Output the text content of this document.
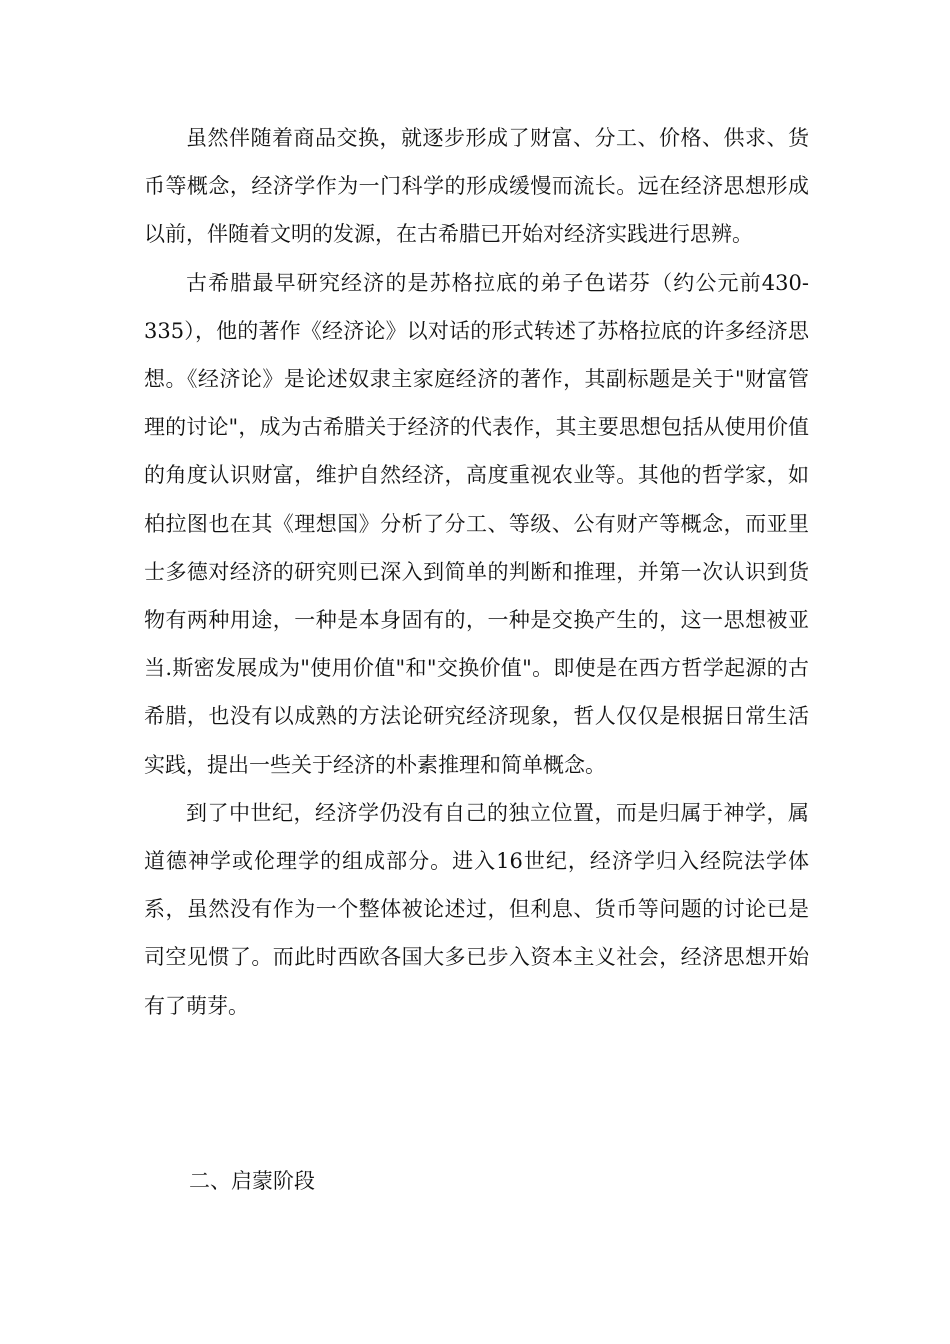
虽然伴随着商品交换，就逐步形成了财富、分工、价格、供求、货币等概念，经济学作为一门科学的形成缓慢而流长。远在经济思想形成以前，伴随着文明的发源，在古希腊已开始对经济实践进行思辨。

古希腊最早研究经济的是苏格拉底的弟子色诺芬（约公元前430-335），他的著作《经济论》以对话的形式转述了苏格拉底的许多经济思想。《经济论》是论述奴隶主家庭经济的著作，其副标题是关于"财富管理的讨论"，成为古希腊关于经济的代表作，其主要思想包括从使用价值的角度认识财富，维护自然经济，高度重视农业等。其他的哲学家，如柏拉图也在其《理想国》分析了分工、等级、公有财产等概念，而亚里士多德对经济的研究则已深入到简单的判断和推理，并第一次认识到货物有两种用途，一种是本身固有的，一种是交换产生的，这一思想被亚当.斯密发展成为"使用价值"和"交换价值"。即使是在西方哲学起源的古希腊，也没有以成熟的方法论研究经济现象，哲人仅仅是根据日常生活实践，提出一些关于经济的朴素推理和简单概念。

到了中世纪，经济学仍没有自己的独立位置，而是归属于神学，属道德神学或伦理学的组成部分。进入16世纪，经济学归入经院法学体系，虽然没有作为一个整体被论述过，但利息、货币等问题的讨论已是司空见惯了。而此时西欧各国大多已步入资本主义社会，经济思想开始有了萌芽。

二、启蒙阶段
